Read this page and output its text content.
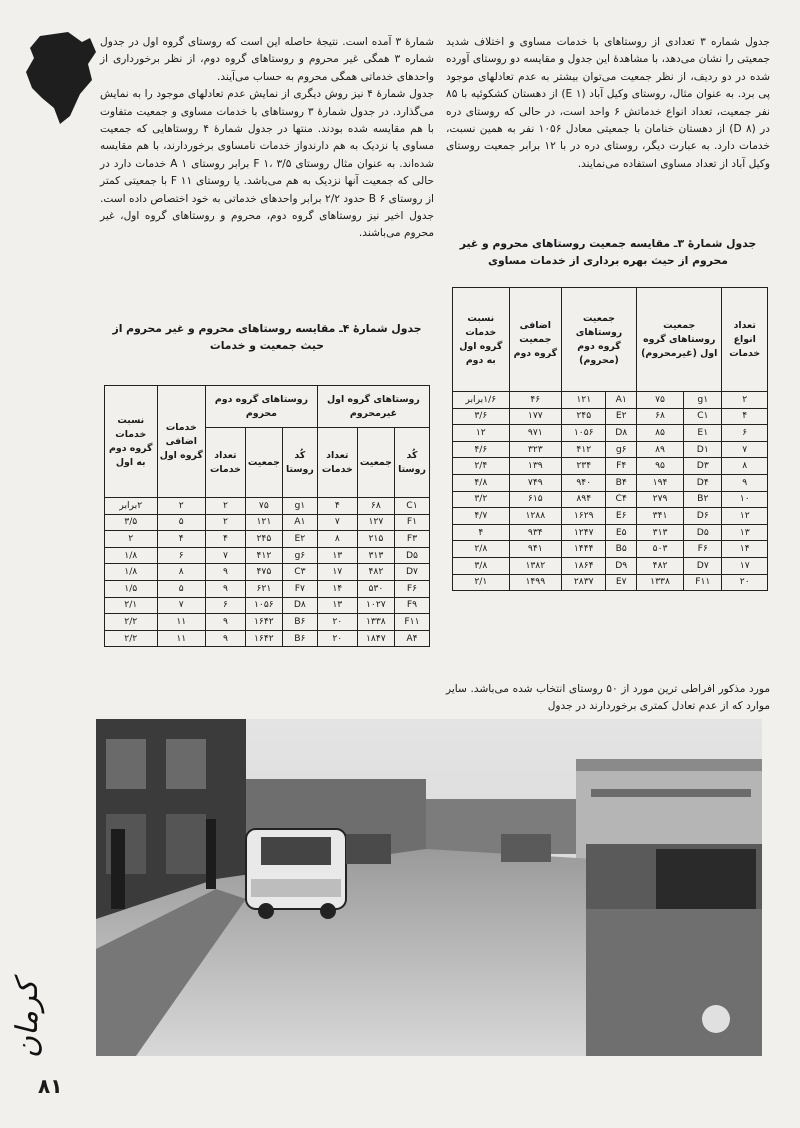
جدول شماره ۳ تعدادی از روستاهای با خدمات مساوی و اختلاف شدید جمعیتی را نشان می‌دهد، با مشاهدهٔ این جدول و مقایسه دو روستای آورده شده در دو ردیف، از نظر جمعیت می‌توان بیشتر به عدم تعادلهای موجود پی برد. به عنوان مثال، روستای وکیل آباد (E ۱) از دهستان کشکوئیه با ۸۵ نفر جمعیت، تعداد انواع خدماتش ۶ واحد است، در حالی که روستای دره در (D ۸) از دهستان خنامان با جمعیتی معادل ۱۰۵۶ نفر به همین نسبت، خدمات دارد. به عبارت دیگر، روستای دره در با ۱۲ برابر جمعیت روستای وکیل آباد از تعداد مساوی استفاده می‌نمایند.

جدول شمارهٔ ۳ـ مقایسه جمعیت روستاهای محروم و غیر محروم از حیث بهره برداری از خدمات مساوی
تعداد انواع خدمات	جمعیت روستاهای گروه اول (غیرمحروم)		جمعیت روستاهای گروه دوم (محروم)		اضافی جمعیت گروه دوم	نسبت خدمات گروه اول به دوم
۲	g۱	۷۵	A۱	۱۲۱	۴۶	۱/۶برابر
۴	C۱	۶۸	E۲	۲۴۵	۱۷۷	۳/۶
۶	E۱	۸۵	D۸	۱۰۵۶	۹۷۱	۱۲
۷	D۱	۸۹	g۶	۴۱۲	۳۲۳	۴/۶
۸	D۳	۹۵	F۴	۲۳۴	۱۳۹	۲/۴
۹	D۴	۱۹۴	B۴	۹۴۰	۷۴۹	۴/۸
۱۰	B۲	۲۷۹	C۴	۸۹۴	۶۱۵	۳/۲
۱۲	D۶	۳۴۱	E۶	۱۶۲۹	۱۲۸۸	۴/۷
۱۳	D۵	۳۱۳	E۵	۱۲۴۷	۹۳۴	۴
۱۴	F۶	۵۰۳	B۵	۱۴۴۴	۹۴۱	۲/۸
۱۷	D۷	۴۸۲	D۹	۱۸۶۴	۱۳۸۲	۳/۸
۲۰	F۱۱	۱۳۳۸	E۷	۲۸۳۷	۱۴۹۹	۲/۱

مورد مذکور افراطی ترین مورد از ۵۰ روستای انتخاب شده می‌باشد. سایر موارد که از عدم تعادل کمتری برخوردارند در جدول

شمارهٔ ۳ آمده است. نتیجهٔ حاصله این است که روستای گروه اول در جدول شماره ۳ همگی غیر محروم و روستاهای گروه دوم، از نظر برخورداری از واحدهای خدماتی همگی محروم به حساب می‌آیند.

جدول شمارهٔ ۴ نیز روش دیگری از نمایش عدم تعادلهای موجود را به نمایش می‌گذارد. در جدول شمارهٔ ۳ روستاهای با خدمات مساوی و جمعیت متفاوت با هم مقایسه شده بودند. منتها در جدول شمارهٔ ۴ روستاهایی که جمعیت مساوی یا نزدیک به هم دارندواز خدمات نامساوی برخوردارند، با هم مقایسه شده‌اند. به عنوان مثال روستای F ۱، ۳/۵ برابر روستای A ۱ خدمات دارد در حالی که جمعیت آنها نزدیک به هم می‌باشد. یا روستای F ۱۱ با جمعیتی کمتر از روستای B ۶ حدود ۲/۲ برابر واحدهای خدماتی به خود اختصاص داده است. جدول اخیر نیز روستاهای گروه دوم، محروم و روستاهای گروه اول، غیر محروم می‌باشند.

جدول شمارهٔ ۴ـ مقایسه روستاهای محروم و غیر محروم از حیث جمعیت و خدمات
روستاهای گروه اول غیرمحروم			روستاهای گروه دوم محروم			خدمات اضافی گروه اول	نسبت خدمات گروه دوم به اول
کُد روستا	جمعیت	تعداد خدمات	کُد روستا	جمعیت	تعداد خدمات		
C۱	۶۸	۴	g۱	۷۵	۲	۲	۲برابر
F۱	۱۲۷	۷	A۱	۱۲۱	۲	۵	۳/۵
F۳	۲۱۵	۸	E۲	۲۴۵	۴	۴	۲
D۵	۳۱۳	۱۳	g۶	۴۱۲	۷	۶	۱/۸
D۷	۴۸۲	۱۷	C۳	۴۷۵	۹	۸	۱/۸
F۶	۵۳۰	۱۴	F۷	۶۲۱	۹	۵	۱/۵
F۹	۱۰۲۷	۱۳	D۸	۱۰۵۶	۶	۷	۲/۱
F۱۱	۱۳۳۸	۲۰	B۶	۱۶۴۲	۹	۱۱	۲/۲
A۴	۱۸۴۷	۲۰	B۶	۱۶۴۲	۹	۱۱	۲/۲
کرمان
۸۱
